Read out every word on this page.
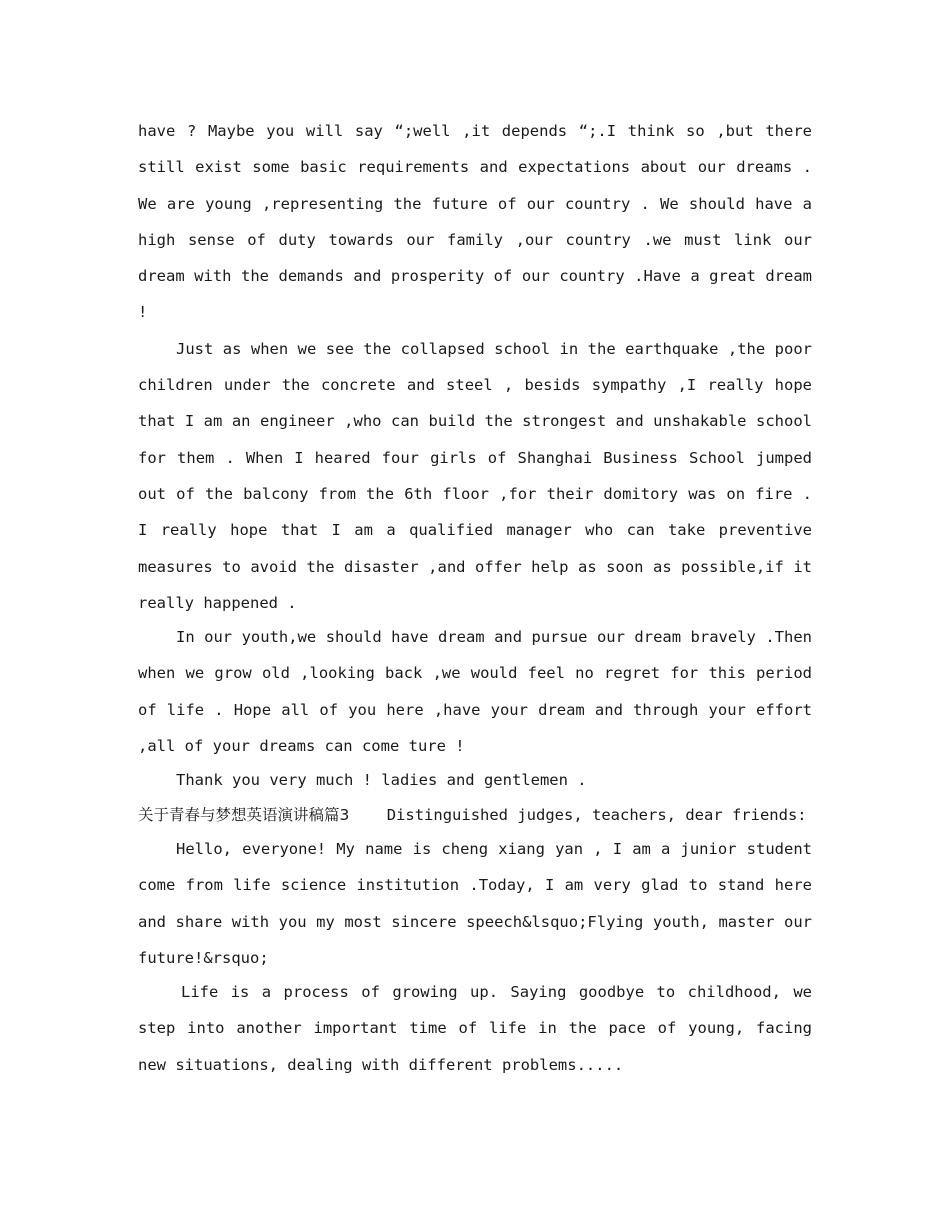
have ? Maybe you will say “;well ,it depends “;.I think so ,but there still exist some basic requirements and expectations about our dreams . We are young ,representing the future of our country . We should have a high sense of duty towards our family ,our country .we must link our dream with the demands and prosperity of our country .Have a great dream !

Just as when we see the collapsed school in the earthquake ,the poor children under the concrete and steel , besids sympathy ,I really hope that I am an engineer ,who can build the strongest and unshakable school for them . When I heared four girls of Shanghai Business School jumped out of the balcony from the 6th floor ,for their domitory was on fire . I really hope that I am a qualified manager who can take preventive measures to avoid the disaster ,and offer help as soon as possible,if it really happened .

In our youth,we should have dream and pursue our dream bravely .Then when we grow old ,looking back ,we would feel no regret for this period of life . Hope all of you here ,have your dream and through your effort ,all of your dreams can come ture !

Thank you very much ! ladies and gentlemen .

关于青春与梦想英语演讲稿篇3 Distinguished judges, teachers, dear friends:

Hello, everyone! My name is cheng xiang yan , I am a junior student come from life science institution .Today, I am very glad to stand here and share with you my most sincere speech&lsquo;Flying youth, master our future!&rsquo;

Life is a process of growing up. Saying goodbye to childhood, we step into another important time of life in the pace of young, facing new situations, dealing with different problems.....
